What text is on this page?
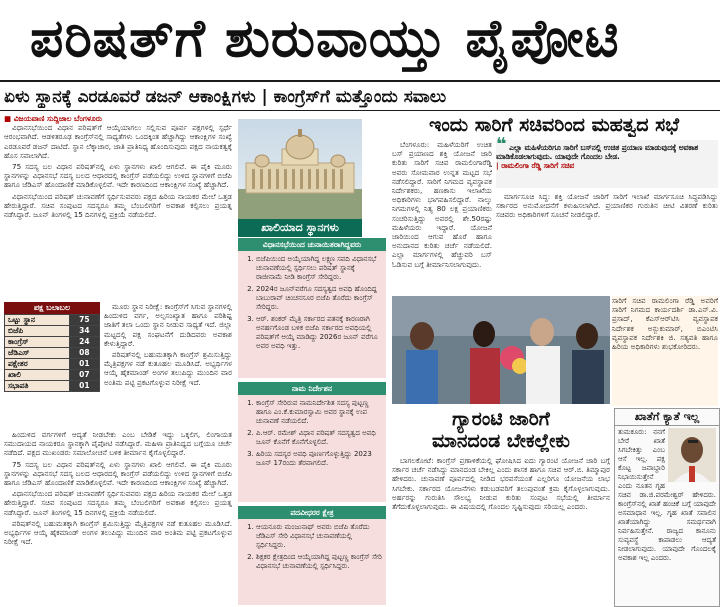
ಪರಿಷತ್‌ಗೆ ಶುರುವಾಯ್ತು ಪೈಪೋಟಿ
ಏಳು ಸ್ಥಾನಕ್ಕೆ ಎರಡೂವರೆ ಡಜನ್ ಆಕಾಂಕ್ಷಿಗಳು | ಕಾಂಗ್ರೆಸ್‌ಗೆ ಮತ್ತೊಂದು ಸವಾಲು
■ ವಿಜಯವಾಣಿ ಸುದ್ದಿಜಾಲ ಬೆಂಗಳೂರು

ವಿಧಾನಸಭೆಯಿಂದ ವಿಧಾನ ಪರಿಷತ್‌ಗೆ ಆಯ್ಕೆಯಾಗಲು ಸಲ್ಲಿಸುವ ಪೂರ್ವ ಪಕ್ಷಗಳಲ್ಲಿ ಸ್ಪರ್ಧೆ ಆರಂಭವಾಗಿದೆ. ಆಡಳಿತರೂಢ ಕಾಂಗ್ರೆಸ್‌ನಲ್ಲಿ ಸಾಧ್ಯತೆಗಳು ಒಂದಕ್ಕಿಂತ ಹೆಚ್ಚಾಗಿದ್ದು ಆಕಾಂಕ್ಷಿಗಳ ಸಂಖ್ಯೆ ಎರಡೂವರೆ ಡಜನ್ ದಾಟಿದೆ. ಸ್ಥಾನ ಲೆಕ್ಕಾಚಾರ, ಜಾತಿ ಪ್ರಾತಿನಿಧ್ಯ ಹೊಂದಿಸುವುದು ಪಕ್ಷದ ನಾಯಕತ್ವಕ್ಕೆ ಹೊಸ ಸವಾಲಾಗಿದೆ.

75 ಸದಸ್ಯ ಬಲ ವಿಧಾನ ಪರಿಷತ್‌ನಲ್ಲಿ ಏಳು ಸ್ಥಾನಗಳು ಖಾಲಿ ಆಗಲಿವೆ. ಈ ಪೈಕಿ ಮೂರು ಸ್ಥಾನಗಳನ್ನು ವಿಧಾನಸಭೆ ಸದಸ್ಯ ಬಲದ ಆಧಾರದಲ್ಲಿ ಕಾಂಗ್ರೆಸ್ ಪಡೆಯಲಿದ್ದು ಉಳಿದ ಸ್ಥಾನಗಳಿಗೆ ಬಿಜೆಪಿ ಹಾಗೂ ಜೆಡಿಎಸ್ ಹೊಂದಾಣಿಕೆ ಮಾಡಿಕೊಳ್ಳಲಿವೆ. ಇದೇ ಕಾರಣದಿಂದ ಆಕಾಂಕ್ಷಿಗಳ ಸಂಖ್ಯೆ ಹೆಚ್ಚಾಗಿದೆ.

ವಿಧಾನಸಭೆಯಿಂದ ಪರಿಷತ್ ಚುನಾವಣೆಗೆ ಸ್ಪರ್ಧಿಸುವವರು ಪಕ್ಷದ ಹಿರಿಯ ನಾಯಕರ ಮೇಲೆ ಒತ್ತಡ ಹೇರುತ್ತಿದ್ದಾರೆ. ಸಚಿವ ಸಂಪುಟದ ಸದಸ್ಯರೂ ತಮ್ಮ ಬೆಂಬಲಿಗರಿಗೆ ಅವಕಾಶ ಕಲ್ಪಿಸಲು ಪ್ರಯತ್ನ ನಡೆಸಿದ್ದಾರೆ. ಜೂನ್ ತಿಂಗಳಲ್ಲಿ 15 ದಿನಗಳಲ್ಲಿ ಪ್ರಕ್ರಿಯೆ ನಡೆಯಲಿದೆ.

ಪಕ್ಷ ಬಲಾಬಲ
ಒಟ್ಟು ಸ್ಥಾನ	75
ಬಿಜೆಪಿ	34
ಕಾಂಗ್ರೆಸ್	24
ಜೆಡಿಎಸ್	08
ಪಕ್ಷೇತರ	01
ಖಾಲಿ	07
ಸಭಾಪತಿ	01

ಮೂರು ಸ್ಥಾನ ನಿರೀಕ್ಷೆ: ಕಾಂಗ್ರೆಸ್‌ಗೆ ಸಿಗುವ ಸ್ಥಾನಗಳಲ್ಲಿ ಹಿಂದುಳಿದ ವರ್ಗ, ಅಲ್ಪಸಂಖ್ಯಾತ ಹಾಗೂ ಪರಿಶಿಷ್ಟ ಜಾತಿಗೆ ತಲಾ ಒಂದು ಸ್ಥಾನ ನೀಡುವ ಸಾಧ್ಯತೆ ಇದೆ. ಜಿಲ್ಲಾ ಮಟ್ಟದಲ್ಲಿ ಪಕ್ಷ ಸಂಘಟನೆಗೆ ದುಡಿದವರು ಅವಕಾಶ ಕೇಳುತ್ತಿದ್ದಾರೆ.

ಪರಿಷತ್‌ನಲ್ಲಿ ಬಹುಮತಕ್ಕಾಗಿ ಕಾಂಗ್ರೆಸ್ ಶ್ರಮಿಸುತ್ತಿದ್ದು ಮೈತ್ರಿಪಕ್ಷಗಳ ನಡೆ ಕುತೂಹಲ ಮೂಡಿಸಿದೆ. ಅಭ್ಯರ್ಥಿಗಳ ಆಯ್ಕೆ ಹೈಕಮಾಂಡ್ ಅಂಗಳ ತಲುಪಿದ್ದು ಮುಂದಿನ ವಾರ ಅಂತಿಮ ಪಟ್ಟಿ ಪ್ರಕಟಗೊಳ್ಳುವ ನಿರೀಕ್ಷೆ ಇದೆ.

ಹಿಂದುಳಿದ ವರ್ಗಗಳಿಗೆ ಆದ್ಯತೆ ನೀಡಬೇಕು ಎಂಬ ಬೇಡಿಕೆ ಇದ್ದು ಒಕ್ಕಲಿಗ, ಲಿಂಗಾಯತ ಸಮುದಾಯದ ನಾಯಕರೂ ಸ್ಥಾನಕ್ಕಾಗಿ ಪೈಪೋಟಿ ನಡೆಸಿದ್ದಾರೆ. ಮಹಿಳಾ ಪ್ರಾತಿನಿಧ್ಯದ ಬಗ್ಗೆಯೂ ಚರ್ಚೆ ನಡೆದಿದೆ. ಪಕ್ಷದ ಮುಖಂಡರು ಸಮಾಲೋಚನೆ ಬಳಿಕ ತೀರ್ಮಾನ ಕೈಗೊಳ್ಳಲಿದ್ದಾರೆ.

75 ಸದಸ್ಯ ಬಲ ವಿಧಾನ ಪರಿಷತ್‌ನಲ್ಲಿ ಏಳು ಸ್ಥಾನಗಳು ಖಾಲಿ ಆಗಲಿವೆ. ಈ ಪೈಕಿ ಮೂರು ಸ್ಥಾನಗಳನ್ನು ವಿಧಾನಸಭೆ ಸದಸ್ಯ ಬಲದ ಆಧಾರದಲ್ಲಿ ಕಾಂಗ್ರೆಸ್ ಪಡೆಯಲಿದ್ದು ಉಳಿದ ಸ್ಥಾನಗಳಿಗೆ ಬಿಜೆಪಿ ಹಾಗೂ ಜೆಡಿಎಸ್ ಹೊಂದಾಣಿಕೆ ಮಾಡಿಕೊಳ್ಳಲಿವೆ. ಇದೇ ಕಾರಣದಿಂದ ಆಕಾಂಕ್ಷಿಗಳ ಸಂಖ್ಯೆ ಹೆಚ್ಚಾಗಿದೆ.

ವಿಧಾನಸಭೆಯಿಂದ ಪರಿಷತ್ ಚುನಾವಣೆಗೆ ಸ್ಪರ್ಧಿಸುವವರು ಪಕ್ಷದ ಹಿರಿಯ ನಾಯಕರ ಮೇಲೆ ಒತ್ತಡ ಹೇರುತ್ತಿದ್ದಾರೆ. ಸಚಿವ ಸಂಪುಟದ ಸದಸ್ಯರೂ ತಮ್ಮ ಬೆಂಬಲಿಗರಿಗೆ ಅವಕಾಶ ಕಲ್ಪಿಸಲು ಪ್ರಯತ್ನ ನಡೆಸಿದ್ದಾರೆ. ಜೂನ್ ತಿಂಗಳಲ್ಲಿ 15 ದಿನಗಳಲ್ಲಿ ಪ್ರಕ್ರಿಯೆ ನಡೆಯಲಿದೆ.

ಪರಿಷತ್‌ನಲ್ಲಿ ಬಹುಮತಕ್ಕಾಗಿ ಕಾಂಗ್ರೆಸ್ ಶ್ರಮಿಸುತ್ತಿದ್ದು ಮೈತ್ರಿಪಕ್ಷಗಳ ನಡೆ ಕುತೂಹಲ ಮೂಡಿಸಿದೆ. ಅಭ್ಯರ್ಥಿಗಳ ಆಯ್ಕೆ ಹೈಕಮಾಂಡ್ ಅಂಗಳ ತಲುಪಿದ್ದು ಮುಂದಿನ ವಾರ ಅಂತಿಮ ಪಟ್ಟಿ ಪ್ರಕಟಗೊಳ್ಳುವ ನಿರೀಕ್ಷೆ ಇದೆ.

ಖಾಲಿಯಾದ ಸ್ಥಾನಗಳು
ವಿಧಾನಸಭೆಯಿಂದ ಚುನಾಯಿತರಾಗಿದ್ದವರು
1. ಬಿಜೆಪಿಯಿಂದ ಅಯ್ಕೆಯಾಗಿದ್ದ ಲಕ್ಷ್ಮಣ ಸವದಿ ವಿಧಾನಸಭೆ ಚುನಾವಣೆಯಲ್ಲಿ ಸ್ಪರ್ಧಿಸಲು ಪರಿಷತ್ ಸ್ಥಾನಕ್ಕೆ ರಾಜೀನಾಮೆ ನೀಡಿ ಕಾಂಗ್ರೆಸ್ ಸೇರಿದ್ದರು.
2. 2024ರ ಜೂನ್‌ವರೆಗೂ ಸದಸ್ಯತ್ವದ ಅವಧಿ ಹೊಂದಿದ್ದ ಬಾಬುರಾವ್ ಚಿಂಚನಸೂರ ಬಿಜೆಪಿ ತೊರೆದು ಕಾಂಗ್ರೆಸ್ ಸೇರಿದ್ದರು.
3. ಆರ್. ಶಂಕರ್ ಮೈತ್ರಿ ಸರ್ಕಾರದ ಪತನಕ್ಕೆ ಕಾರಣರಾಗಿ ಅನರ್ಹಗೊಂಡ ಬಳಿಕ ಬಿಜೆಪಿ ಸರ್ಕಾರದ ಅವಧಿಯಲ್ಲಿ ಪರಿಷತ್‌ಗೆ ಆಯ್ಕೆ ಮಾಡಿದ್ದು 2026ರ ಜೂನ್ ವರೆಗೂ ಅವರ ಅವಧಿ ಇತ್ತು.
ನಾಮ ನಿರ್ದೇಶನ
1. ಕಾಂಗ್ರೆಸ್ ಸೇರಿರುವ ನಾಮನಿರ್ದೇಶಿತ ಸದಸ್ಯ ಪುಟ್ಟಣ್ಣ ಹಾಗೂ ಎಂ.ಕೆ.ಕುಮಾರಸ್ವಾಮಿ ಅವರ ಸ್ಥಾನಕ್ಕೆ ಉಪ ಚುನಾವಣೆ ನಡೆಯಲಿದೆ.
2. ಪಿ.ಆರ್. ರಮೇಶ್ ವಿಧಾನ ಪರಿಷತ್ ಸದಸ್ಯತ್ವದ ಅವಧಿ ಜೂನ್ ಕೊನೆಗೆ ಕೊನೆಗೊಳ್ಳಲಿದೆ.
3. ಹಿರಿಯ ಸದಸ್ಯರ ಅವಧಿ ಪೂರ್ಣಗೊಳ್ಳುತ್ತಿದ್ದು 2023 ಜೂನ್ 17ರಂದು ತೆರವಾಗಲಿದೆ.
ಪದವೀಧರರ ಕ್ಷೇತ್ರ
1. ಆಯನೂರು ಮಂಜುನಾಥ್ ಅವರು ಬಿಜೆಪಿ ತೊರೆದು ಜೆಡಿಎಸ್ ಸೇರಿ ವಿಧಾನಸಭೆ ಚುನಾವಣೆಯಲ್ಲಿ ಸ್ಪರ್ಧಿಸಿದ್ದರು.
2. ಶಿಕ್ಷಕರ ಕ್ಷೇತ್ರದಿಂದ ಆಯ್ಕೆಯಾಗಿದ್ದ ಪುಟ್ಟಣ್ಣ ಕಾಂಗ್ರೆಸ್ ಸೇರಿ ವಿಧಾನಸಭೆ ಚುನಾವಣೆಯಲ್ಲಿ ಸ್ಪರ್ಧಿಸಿದ್ದರು.
ಇಂದು ಸಾರಿಗೆ ಸಚಿವರಿಂದ ಮಹತ್ವದ ಸಭೆ

ಬೆಂಗಳೂರು: ಮಹಿಳೆಯರಿಗೆ ಉಚಿತ ಬಸ್‌ ಪ್ರಯಾಣದ ಶಕ್ತಿ ಯೋಜನೆ ಜಾರಿ ಕುರಿತು ಸಾರಿಗೆ ಸಚಿವ ರಾಮಲಿಂಗಾರೆಡ್ಡಿ ಅವರು ಸೋಮವಾರ ಉನ್ನತ ಮಟ್ಟದ ಸಭೆ ನಡೆಸಲಿದ್ದಾರೆ. ಸಾರಿಗೆ ನಿಗಮದ ವ್ಯವಸ್ಥಾಪಕ ನಿರ್ದೇಶಕರು, ಹಣಕಾಸು ಇಲಾಖೆಯ ಅಧಿಕಾರಿಗಳು ಭಾಗವಹಿಸಲಿದ್ದಾರೆ. ನಾಲ್ಕು ನಿಗಮಗಳಲ್ಲಿ ನಿತ್ಯ 80 ಲಕ್ಷ ಪ್ರಯಾಣಿಕರು ಸಂಚರಿಸುತ್ತಿದ್ದು ಅವರಲ್ಲಿ ಶೇ.50ರಷ್ಟು ಮಹಿಳೆಯರು ಇದ್ದಾರೆ. ಯೋಜನೆ ಜಾರಿಯಿಂದ ಆಗುವ ಹೊರೆ ಹಾಗೂ ಅನುದಾನದ ಕುರಿತು ಚರ್ಚೆ ನಡೆಯಲಿದೆ. ಎಲ್ಲಾ ಮಾರ್ಗಗಳಲ್ಲಿ ಹೆಚ್ಚುವರಿ ಬಸ್ ಓಡಿಸುವ ಬಗ್ಗೆ ತೀರ್ಮಾನಿಸಲಾಗುವುದು.

❝ ಎಲ್ಲಾ ಮಹಿಳೆಯರಿಗೂ ಸಾರಿಗೆ ಬಸ್‌ನಲ್ಲಿ ಉಚಿತ ಪ್ರಯಾಣ ಮಾಡುವುದಕ್ಕೆ ಅವಕಾಶ ಮಾಡಿಕೊಡಲಾಗುವುದು. ಯಾವುದೇ ಗೊಂದಲ ಬೇಡ.
| ರಾಮಲಿಂಗಾ ರೆಡ್ಡಿ ಸಾರಿಗೆ ಸಚಿವ

ಮಾರ್ಗಸೂಚಿ ಸಿದ್ಧ: ಶಕ್ತಿ ಯೋಜನೆ ಜಾರಿಗೆ ಸಾರಿಗೆ ಇಲಾಖೆ ಮಾರ್ಗಸೂಚಿ ಸಿದ್ಧಪಡಿಸಿದ್ದು ಸರ್ಕಾರದ ಅನುಮೋದನೆಗೆ ಕಳುಹಿಸಲಾಗಿದೆ. ಪ್ರಯಾಣಿಕರ ಗುರುತಿನ ಚೀಟಿ ವಿತರಣೆ ಕುರಿತು ಸಚಿವರು ಅಧಿಕಾರಿಗಳಿಗೆ ಸೂಚನೆ ನೀಡಲಿದ್ದಾರೆ.

ಸಾರಿಗೆ ಸಚಿವ ರಾಮಲಿಂಗಾ ರೆಡ್ಡಿ ಅವರಿಗೆ ಸಾರಿಗೆ ನಿಗಮದ ಕಾರ್ಯದರ್ಶಿ ಡಾ.ಎನ್.ವಿ. ಪ್ರಸಾದ್, ಕೆಎಸ್‌ಆರ್‌ಟಿಸಿ ವ್ಯವಸ್ಥಾಪಕ ನಿರ್ದೇಶಕ ಅನ್ಬುಕುಮಾರ್, ಬಿಎಂಟಿಸಿ ವ್ಯವಸ್ಥಾಪಕ ನಿರ್ದೇಶಕಿ ಜಿ. ಸತ್ಯವತಿ ಹಾಗೂ ಹಿರಿಯ ಅಧಿಕಾರಿಗಳು ಶುಭಕೋರಿದರು.

ಗ್ಯಾರಂಟಿ ಜಾರಿಗೆ
ಮಾನದಂಡ ಬೇಕಲ್ಲೇಕು

ಬಾಗಲಕೋಟೆ: ಕಾಂಗ್ರೆಸ್ ಪ್ರಣಾಳಿಕೆಯಲ್ಲಿ ಘೋಷಿಸಿದ ಐದು ಗ್ಯಾರಂಟಿ ಯೋಜನೆ ಜಾರಿ ಬಗ್ಗೆ ಸರ್ಕಾರ ಚರ್ಚೆ ನಡೆಸಿದ್ದು ಮಾನದಂಡ ಬೇಕಿಲ್ಲ ಎಂದು ಶಾಸಕ ಹಾಗೂ ಸಚಿವ ಆರ್.ಬಿ. ತಿಮ್ಮಾಪುರ ಹೇಳಿದರು. ಚುನಾವಣೆ ಪೂರ್ವದಲ್ಲಿ ನೀಡಿದ ಭರವಸೆಯಂತೆ ಎಲ್ಲರಿಗೂ ಯೋಜನೆಯ ಲಾಭ ಸಿಗಬೇಕು. ಸರ್ಕಾರದ ಯೋಜನೆಗಳು ಕಡುಬಡವರಿಗೆ ತಲುಪುವಂತೆ ಕ್ರಮ ಕೈಗೊಳ್ಳಲಾಗುವುದು. ಅರ್ಹರನ್ನು ಗುರುತಿಸಿ ಸೌಲಭ್ಯ ನೀಡುವ ಕುರಿತು ಸಂಪುಟ ಸಭೆಯಲ್ಲಿ ತೀರ್ಮಾನ ತೆಗೆದುಕೊಳ್ಳಲಾಗುವುದು. ಈ ವಿಷಯದಲ್ಲಿ ಗೊಂದಲ ಸೃಷ್ಟಿಸುವುದು ಸರಿಯಲ್ಲ ಎಂದರು.

ಖಾತೆಗೆ ಕ್ಯಾತೆ ಇಲ್ಲ
ತುಮಕೂರು: ನನಗೆ ಬೇರೆ ಖಾತೆ ಸಿಗಬೇಕಿತ್ತು ಎಂಬ ಆಸೆ ಇಲ್ಲ. ಪಕ್ಷ ಕೊಟ್ಟ ಜವಾಬ್ದಾರಿ ನಿಭಾಯಿಸುತ್ತೇನೆ ಎಂದು ನೂತನ ಗೃಹ ಸಚಿವ ಡಾ.ಜಿ.ಪರಮೇಶ್ವರ್ ಹೇಳಿದರು. ಕಾಂಗ್ರೆಸ್‌ನಲ್ಲಿ ಖಾತೆ ಹಂಚಿಕೆ ಬಗ್ಗೆ ಯಾವುದೇ ಅಸಮಾಧಾನ ಇಲ್ಲ. ಗೃಹ ಖಾತೆ ಸವಾಲಿನ ಖಾತೆಯಾಗಿದ್ದು ಸಮರ್ಥವಾಗಿ ನಿರ್ವಹಿಸುತ್ತೇನೆ. ರಾಜ್ಯದ ಕಾನೂನು ಸುವ್ಯವಸ್ಥೆ ಕಾಪಾಡಲು ಆದ್ಯತೆ ನೀಡಲಾಗುವುದು. ಯಾವುದೇ ಗೊಂದಲಕ್ಕೆ ಅವಕಾಶ ಇಲ್ಲ ಎಂದರು.
